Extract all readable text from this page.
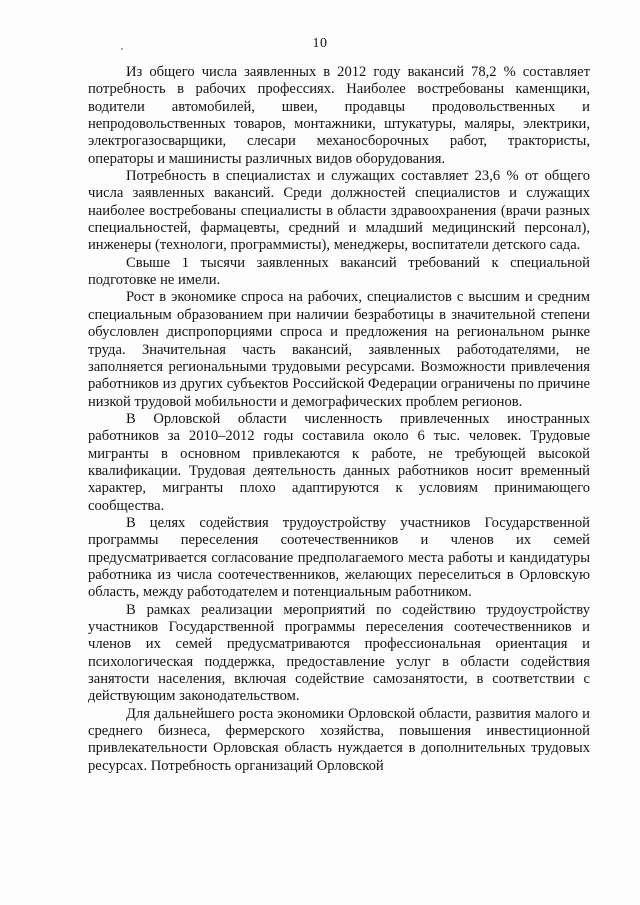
10

Из общего числа заявленных в 2012 году вакансий 78,2 % составляет потребность в рабочих профессиях. Наиболее востребованы каменщики, водители автомобилей, швеи, продавцы продовольственных и непродовольственных товаров, монтажники, штукатуры, маляры, электрики, электрогазосварщики, слесари механосборочных работ, трактористы, операторы и машинисты различных видов оборудования.

Потребность в специалистах и служащих составляет 23,6 % от общего числа заявленных вакансий. Среди должностей специалистов и служащих наиболее востребованы специалисты в области здравоохранения (врачи разных специальностей, фармацевты, средний и младший медицинский персонал), инженеры (технологи, программисты), менеджеры, воспитатели детского сада.

Свыше 1 тысячи заявленных вакансий требований к специальной подготовке не имели.

Рост в экономике спроса на рабочих, специалистов с высшим и средним специальным образованием при наличии безработицы в значительной степени обусловлен диспропорциями спроса и предложения на региональном рынке труда. Значительная часть вакансий, заявленных работодателями, не заполняется региональными трудовыми ресурсами. Возможности привлечения работников из других субъектов Российской Федерации ограничены по причине низкой трудовой мобильности и демографических проблем регионов.

В Орловской области численность привлеченных иностранных работников за 2010–2012 годы составила около 6 тыс. человек. Трудовые мигранты в основном привлекаются к работе, не требующей высокой квалификации. Трудовая деятельность данных работников носит временный характер, мигранты плохо адаптируются к условиям принимающего сообщества.

В целях содействия трудоустройству участников Государственной программы переселения соотечественников и членов их семей предусматривается согласование предполагаемого места работы и кандидатуры работника из числа соотечественников, желающих переселиться в Орловскую область, между работодателем и потенциальным работником.

В рамках реализации мероприятий по содействию трудоустройству участников Государственной программы переселения соотечественников и членов их семей предусматриваются профессиональная ориентация и психологическая поддержка, предоставление услуг в области содействия занятости населения, включая содействие самозанятости, в соответствии с действующим законодательством.

Для дальнейшего роста экономики Орловской области, развития малого и среднего бизнеса, фермерского хозяйства, повышения инвестиционной привлекательности Орловская область нуждается в дополнительных трудовых ресурсах. Потребность организаций Орловской
